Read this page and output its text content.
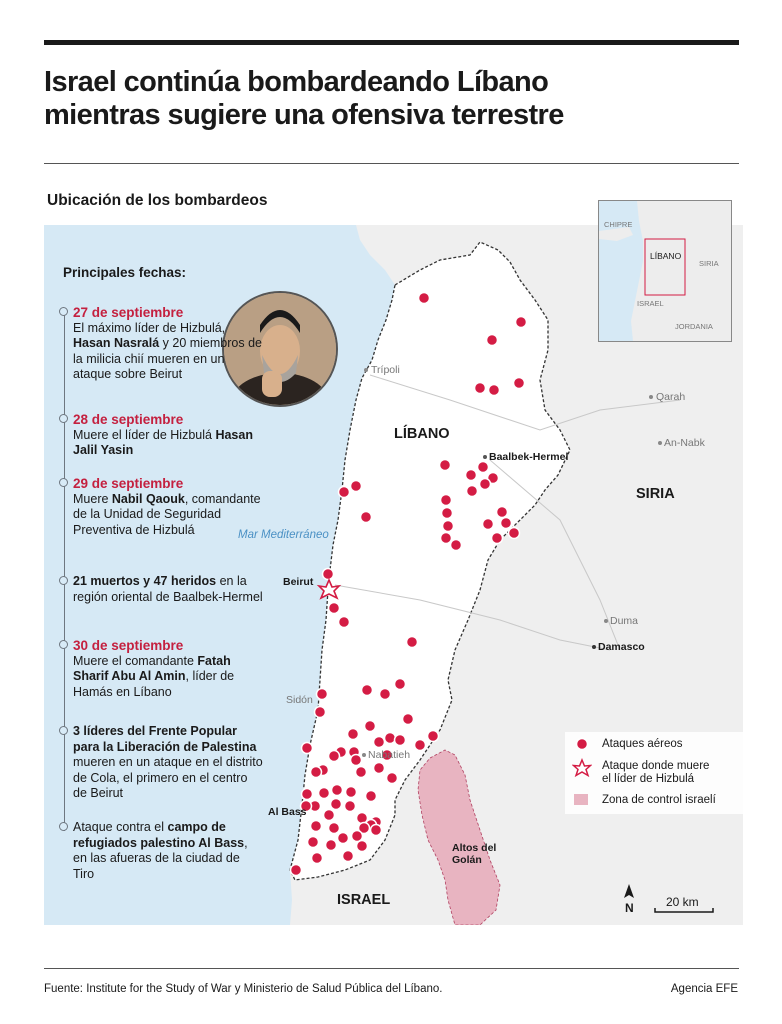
Israel continúa bombardeando Líbano
mientras sugiere una ofensiva terrestre
Ubicación de los bombardeos
Mar Mediterráneo
LÍBANO
SIRIA
ISRAEL
Altos del Golán
Trípoli
Beirut
Sidón
Nabatieh
Al Bass
Baalbek-Hermel
Qarah
An-Nabk
Duma
Damasco
N	20 km
Principales fechas:
27 de septiembre
El máximo líder de Hizbulá, Hasan Nasralá y 20 miembros de la milicia chií mueren en un ataque sobre Beirut
28 de septiembre
Muere el líder de Hizbulá Hasan Jalil Yasin
29 de septiembre
Muere Nabil Qaouk, comandante de la Unidad de Seguridad Preventiva de Hizbulá
21 muertos y 47 heridos en la región oriental de Baalbek-Hermel
30 de septiembre
Muere el comandante Fatah Sharif Abu Al Amin, líder de Hamás en Líbano
3 líderes del Frente Popular para la Liberación de Palestina mueren en un ataque en el distrito de Cola, el primero en el centro de Beirut
Ataque contra el campo de refugiados palestino Al Bass, en las afueras de la ciudad de Tiro
Ataques aéreos
Ataque donde muere
el líder de Hizbulá
Zona de control israelí
CHIPRE
LÍBANO
SIRIA
ISRAEL
JORDANIA
Fuente: Institute for the Study of War y Ministerio de Salud Pública del Líbano.	Agencia EFE
